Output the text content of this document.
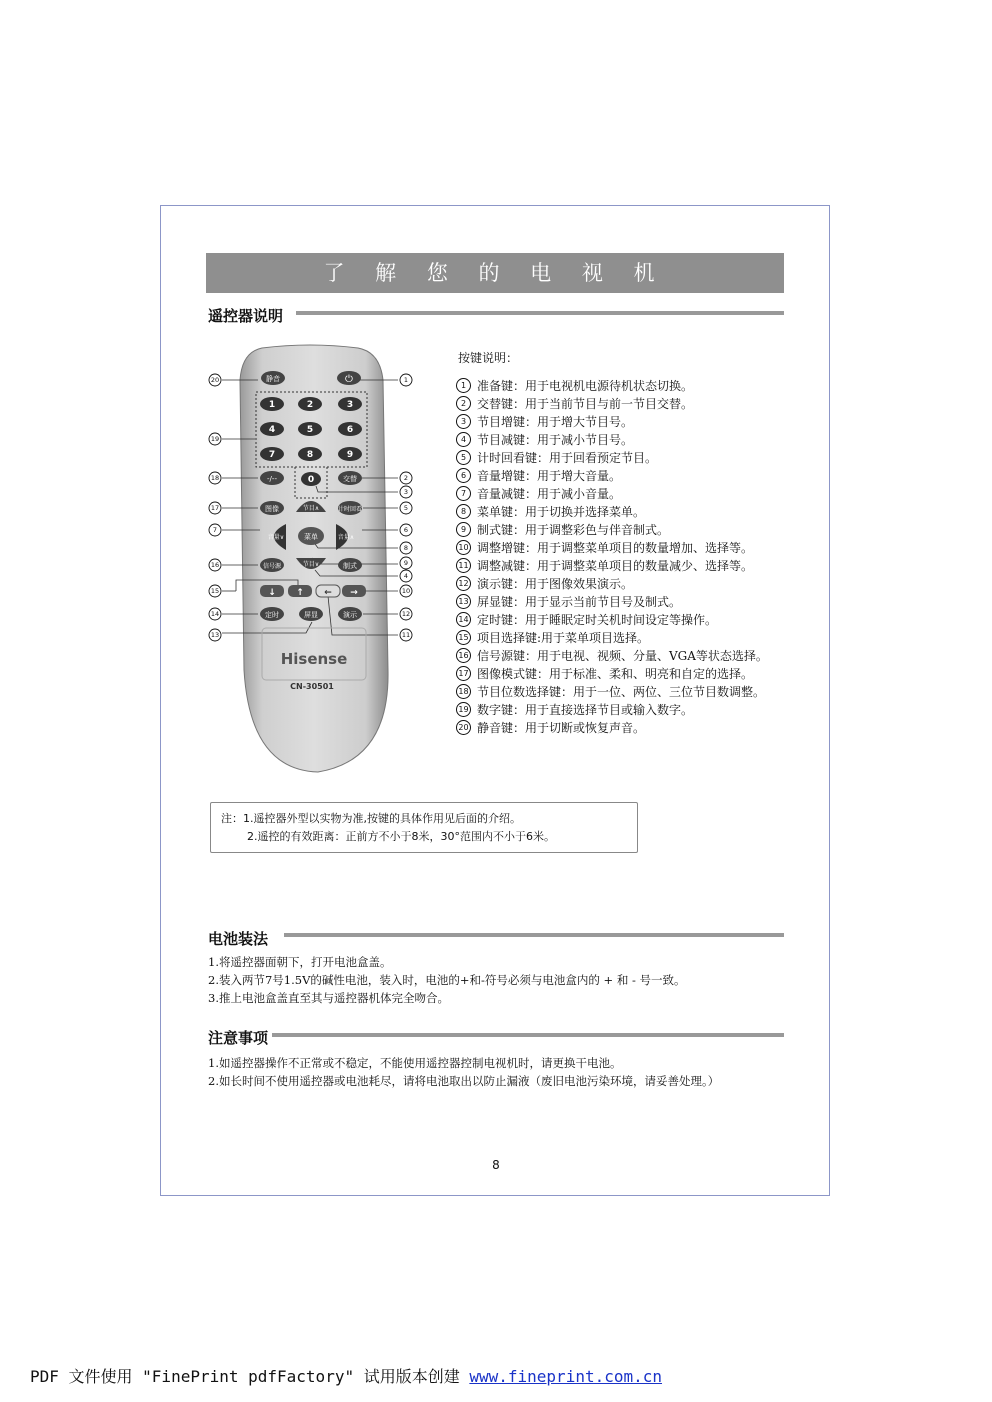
了 解 您 的 电 视 机
遥控器说明
静音	⏻
1	2	3
4	5	6
7	8	9
-/--	0	交替
节目∧
图像	计时回看
音量∨	菜单	音量∧
信号源	节目∨	制式
↓ ↑ ← →
定时	屏显	演示
Hisense
CN-30501
20
19
18
17
7
16
15
14
13
1
2
3
5
6
8
9
4
10
12
11
按键说明：
1 准备键：用于电视机电源待机状态切换。
2 交替键：用于当前节目与前一节目交替。
3 节目增键：用于增大节目号。
4 节目减键：用于减小节目号。
5 计时回看键：用于回看预定节目。
6 音量增键：用于增大音量。
7 音量减键：用于减小音量。
8 菜单键：用于切换并选择菜单。
9 制式键：用于调整彩色与伴音制式。
10 调整增键：用于调整菜单项目的数量增加、选择等。
11 调整减键：用于调整菜单项目的数量减少、选择等。
12 演示键：用于图像效果演示。
13 屏显键：用于显示当前节目号及制式。
14 定时键：用于睡眠定时关机时间设定等操作。
15 项目选择键:用于菜单项目选择。
16 信号源键：用于电视、视频、分量、VGA等状态选择。
17 图像模式键：用于标准、柔和、明亮和自定的选择。
18 节目位数选择键：用于一位、两位、三位节目数调整。
19 数字键：用于直接选择节目或输入数字。
20 静音键：用于切断或恢复声音。
注：1.遥控器外型以实物为准,按键的具体作用见后面的介绍。
2.遥控的有效距离：正前方不小于8米，30°范围内不小于6米。
电池装法
1.将遥控器面朝下，打开电池盒盖。
2.装入两节7号1.5V的碱性电池，装入时，电池的+和-符号必须与电池盒内的 + 和 - 号一致。
3.推上电池盒盖直至其与遥控器机体完全吻合。
注意事项
1.如遥控器操作不正常或不稳定，不能使用遥控器控制电视机时，请更换干电池。
2.如长时间不使用遥控器或电池耗尽，请将电池取出以防止漏液（废旧电池污染环境，请妥善处理。）
8
PDF 文件使用 "FinePrint pdfFactory" 试用版本创建 www.fineprint.com.cn
